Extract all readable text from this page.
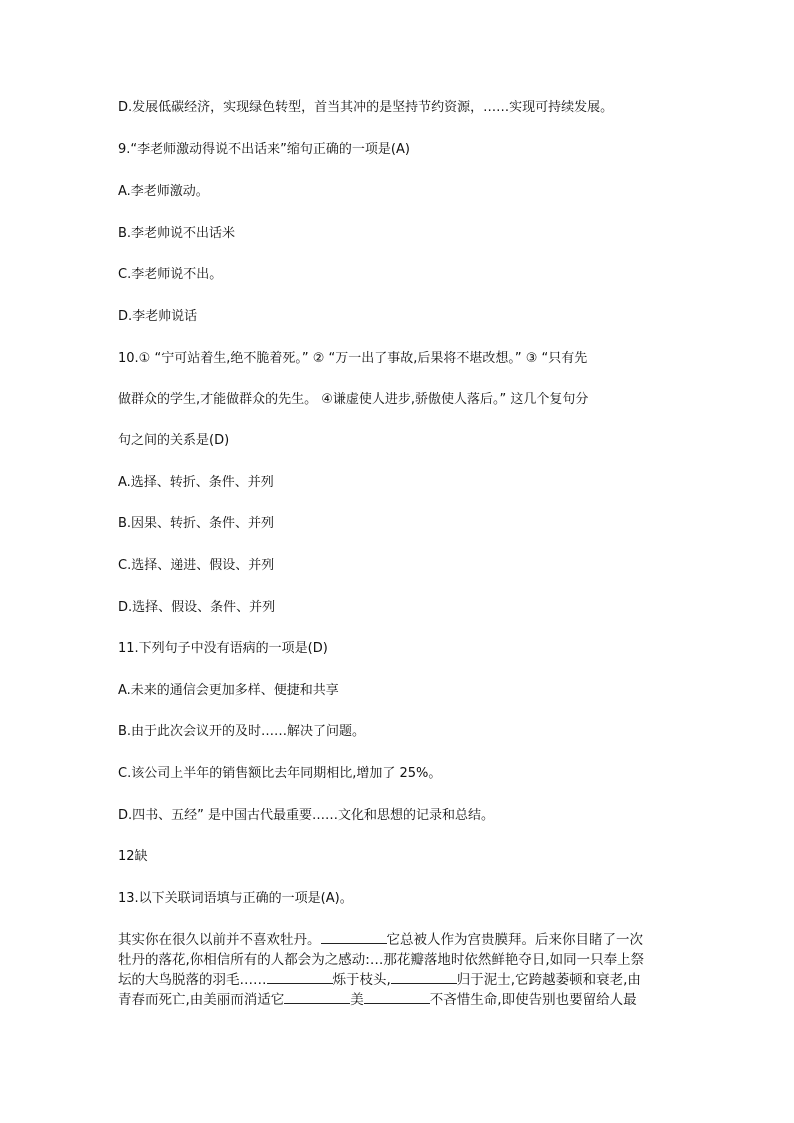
D.发展低碳经济，实现绿色转型，首当其冲的是坚持节约资源，……实现可持续发展。
9.“李老师激动得说不出话来”缩句正确的一项是(A)
A.李老师激动。
B.李老帅说不出话米
C.李老师说不出。
D.李老帅说话
10.① “宁可站着生,绝不脆着死。” ② “万一出了事故,后果将不堪改想。” ③ “只有先
做群众的学生,才能做群众的先生。 ④谦虚使人进步,骄傲使人落后。” 这几个复句分
句之间的关系是(D)
A.选择、转折、条件、并列
B.因果、转折、条件、并列
C.选择、递进、假设、并列
D.选择、假设、条件、并列
11.下列句子中没有语病的一项是(D)
A.未来的通信会更加多样、便捷和共享
B.由于此次会议开的及时……解决了问题。
C.该公司上半年的销售额比去年同期相比,增加了 25%。
D.四书、五经” 是中国古代最重要……文化和思想的记录和总结。
12缺
13.以下关联词语填与正确的一项是(A)。
其实你在很久以前并不喜欢牡丹。	它总被人作为宫贵膜拜。后来你目睹了一次
牡丹的落花,你相信所有的人都会为之感动:…那花瓣落地时依然鲜艳夺日,如同一只奉上祭
坛的大鸟脱落的羽毛……	烁于枝头,	归于泥士,它跨越萎顿和衰老,由
青春而死亡,由美丽而消适它	美	不吝惜生命,即使告别也要留给人最
